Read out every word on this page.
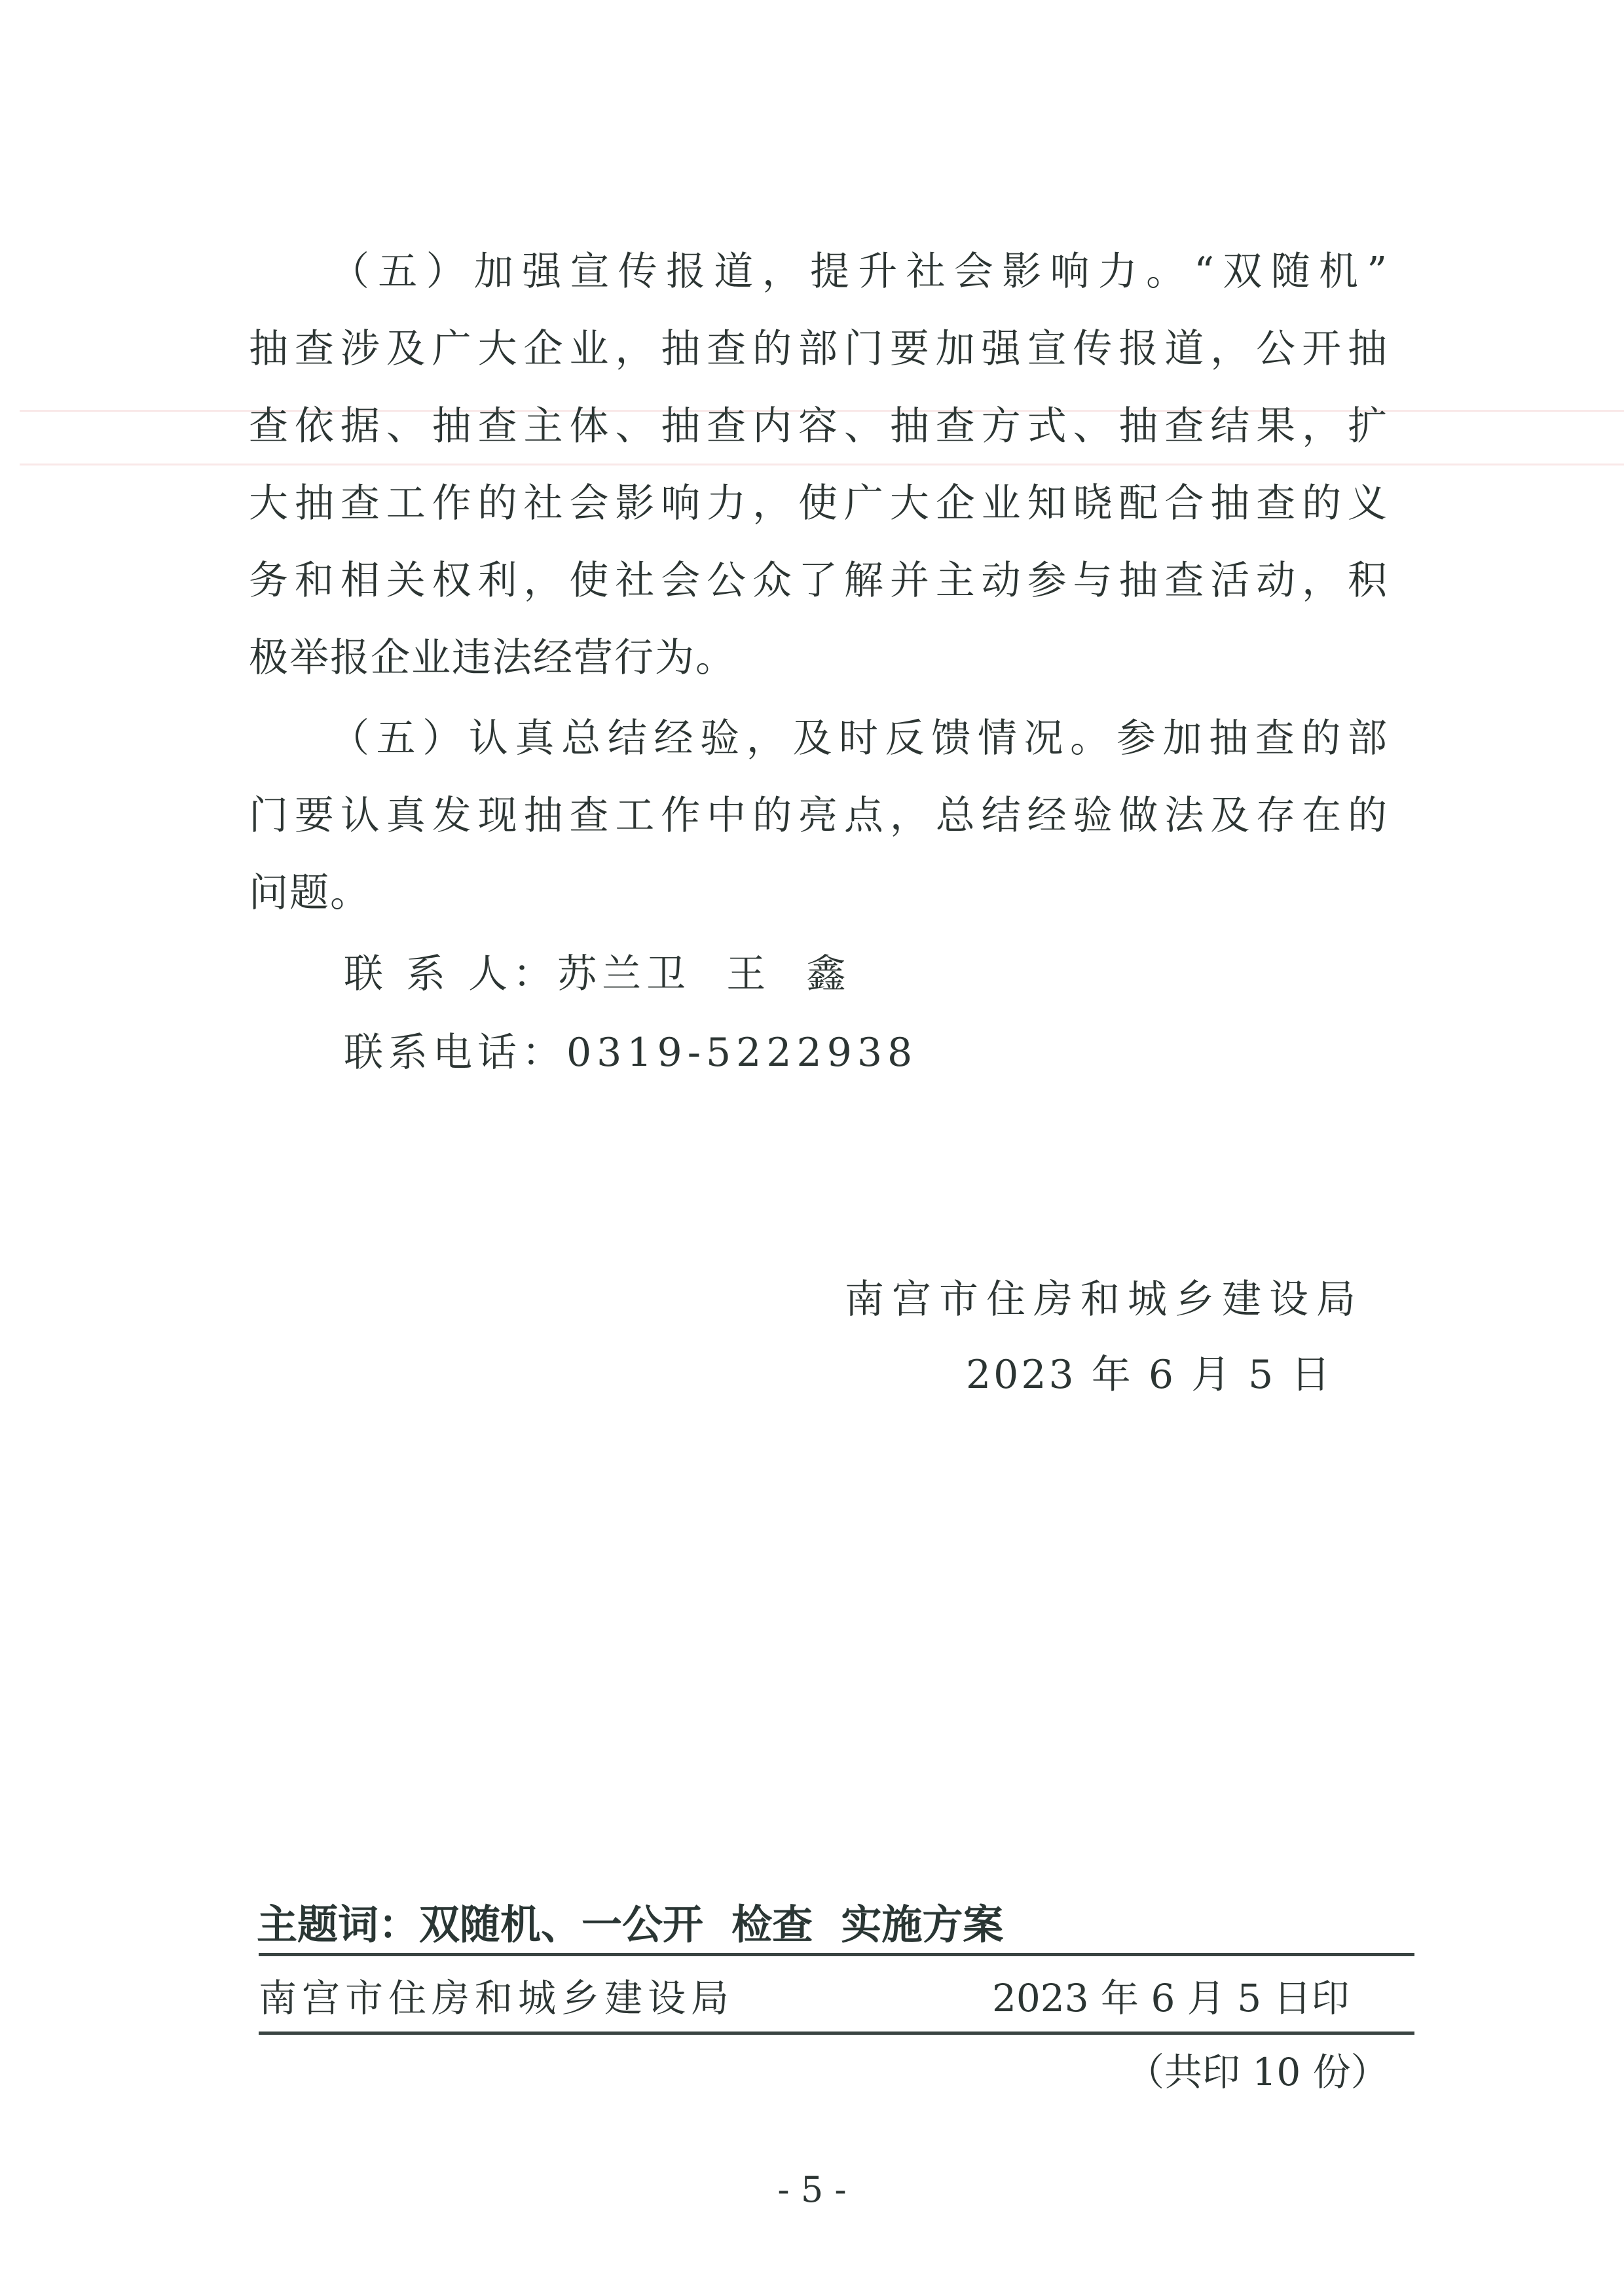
（五）加强宣传报道，提升社会影响力。“双随机”
抽查涉及广大企业，抽查的部门要加强宣传报道，公开抽
查依据、抽查主体、抽查内容、抽查方式、抽查结果，扩
大抽查工作的社会影响力，使广大企业知晓配合抽查的义
务和相关权利，使社会公众了解并主动参与抽查活动，积
极举报企业违法经营行为。
（五）认真总结经验，及时反馈情况。参加抽查的部
门要认真发现抽查工作中的亮点，总结经验做法及存在的
问题。
联 系 人：苏兰卫  王  鑫
联系电话：0319-5222938
南宫市住房和城乡建设局
2023 年 6 月 5 日
主题词：双随机、一公开  检查  实施方案
南宫市住房和城乡建设局	2023 年 6 月 5 日印
（共印 10 份）
- 5 -
